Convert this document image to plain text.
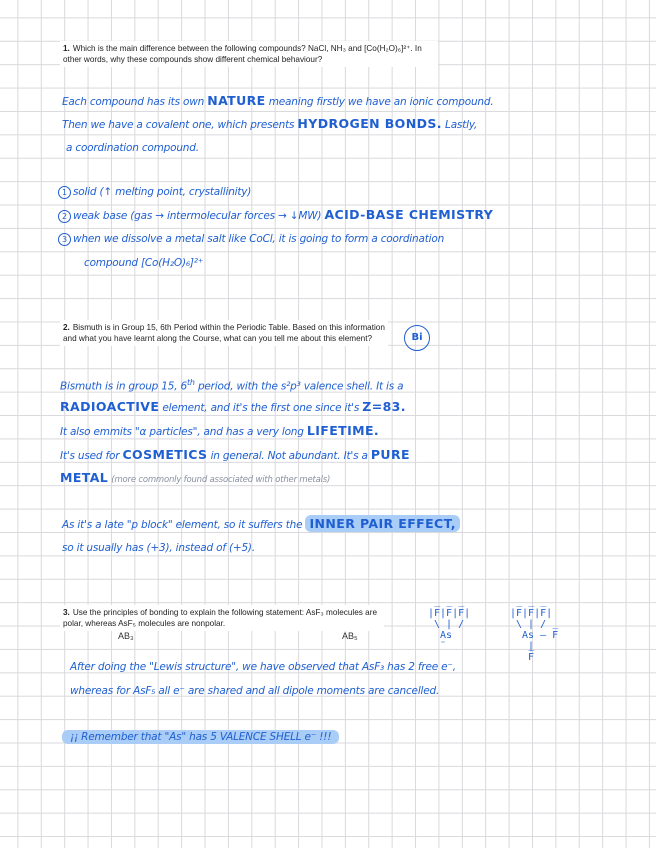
1. Which is the main difference between the following compounds? NaCl, NH₃ and [Co(H₂O)₆]²⁺. In other words, why these compounds show different chemical behaviour?
Each compound has its own NATURE meaning firstly we have an ionic compound.
Then we have a covalent one, which presents HYDROGEN BONDS. Lastly,
a coordination compound.
1 solid (↑ melting point, crystallinity)
2 weak base (gas → intermolecular forces → ↓MW) ACID-BASE CHEMISTRY
3 when we dissolve a metal salt like CoCl, it is going to form a coordination
compound [Co(H₂O)₆]²⁺
2. Bismuth is in Group 15, 6th Period within the Periodic Table. Based on this information and what you have learnt along the Course, what can you tell me about this element?	Bi
Bismuth is in group 15, 6th period, with the s²p³ valence shell. It is a
RADIOACTIVE element, and it's the first one since it's Z=83.
It also emmits "α particles", and has a very long LIFETIME.
It's used for COSMETICS in general. Not abundant. It's a PURE
METAL (more commonly found associated with other metals)
As it's a late "p block" element, so it suffers the INNER PAIR EFFECT,
so it usually has (+3), instead of (+5).
3. Use the principles of bonding to explain the following statement: AsF₃ molecules are polar, whereas AsF₅ molecules are nonpolar.
AB₃	AB₅
|F̅|F̅|F̅|
\ | /
As
¨
|F̅|F̅|F̅|
\ | /
As — F̅
|
F̅
After doing the "Lewis structure", we have observed that AsF₃ has 2 free e⁻,
whereas for AsF₅ all e⁻ are shared and all dipole moments are cancelled.
¡¡ Remember that "As" has 5 VALENCE SHELL e⁻ !!!
